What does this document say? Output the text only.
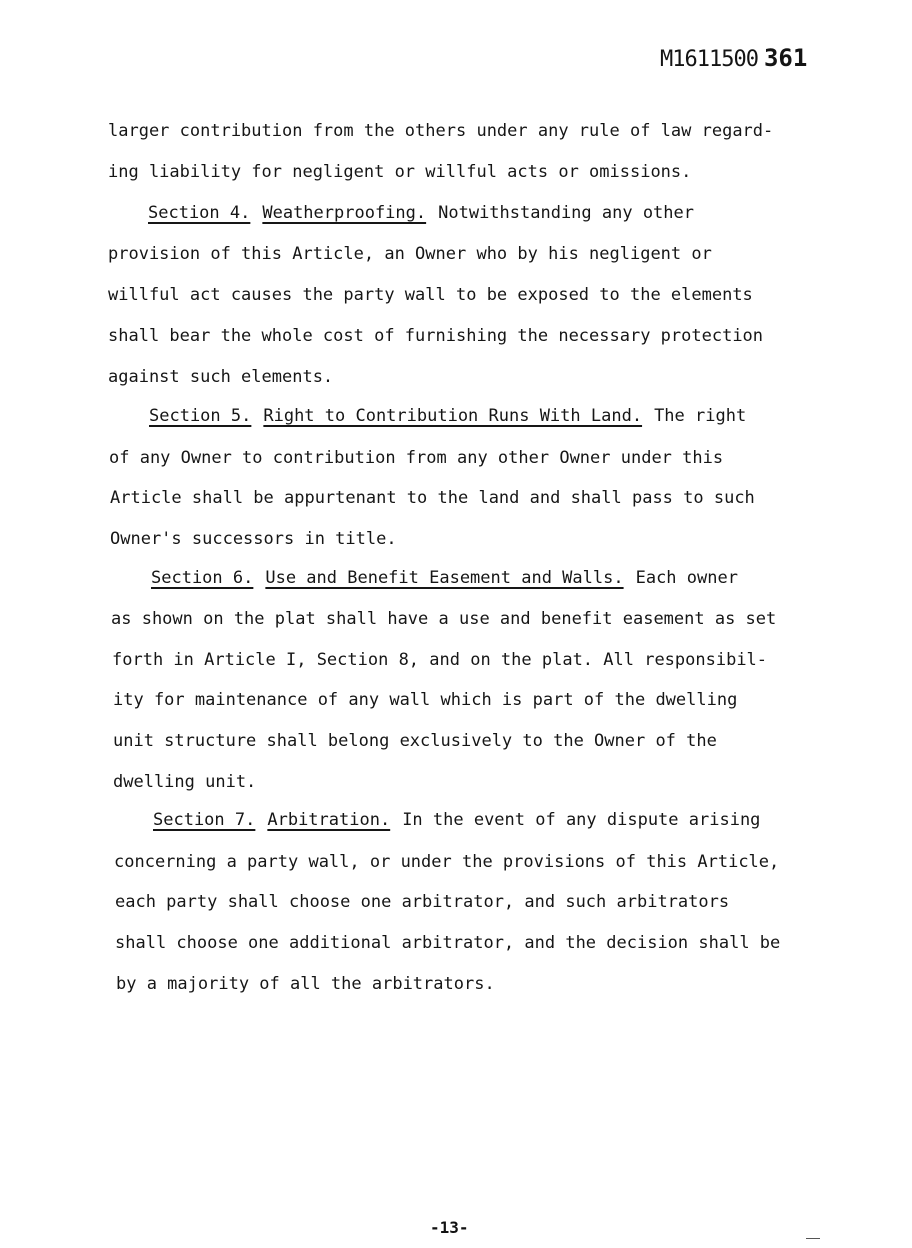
M1611500 361
larger contribution from the others under any rule of law regard-
ing liability for negligent or willful acts or omissions.
Section 4. Weatherproofing. Notwithstanding any other
provision of this Article, an Owner who by his negligent or
willful act causes the party wall to be exposed to the elements
shall bear the whole cost of furnishing the necessary protection
against such elements.
Section 5. Right to Contribution Runs With Land. The right
of any Owner to contribution from any other Owner under this
Article shall be appurtenant to the land and shall pass to such
Owner's successors in title.
Section 6. Use and Benefit Easement and Walls. Each owner
as shown on the plat shall have a use and benefit easement as set
forth in Article I, Section 8, and on the plat. All responsibil-
ity for maintenance of any wall which is part of the dwelling
unit structure shall belong exclusively to the Owner of the
dwelling unit.
Section 7. Arbitration. In the event of any dispute arising
concerning a party wall, or under the provisions of this Article,
each party shall choose one arbitrator, and such arbitrators
shall choose one additional arbitrator, and the decision shall be
by a majority of all the arbitrators.
-13-
